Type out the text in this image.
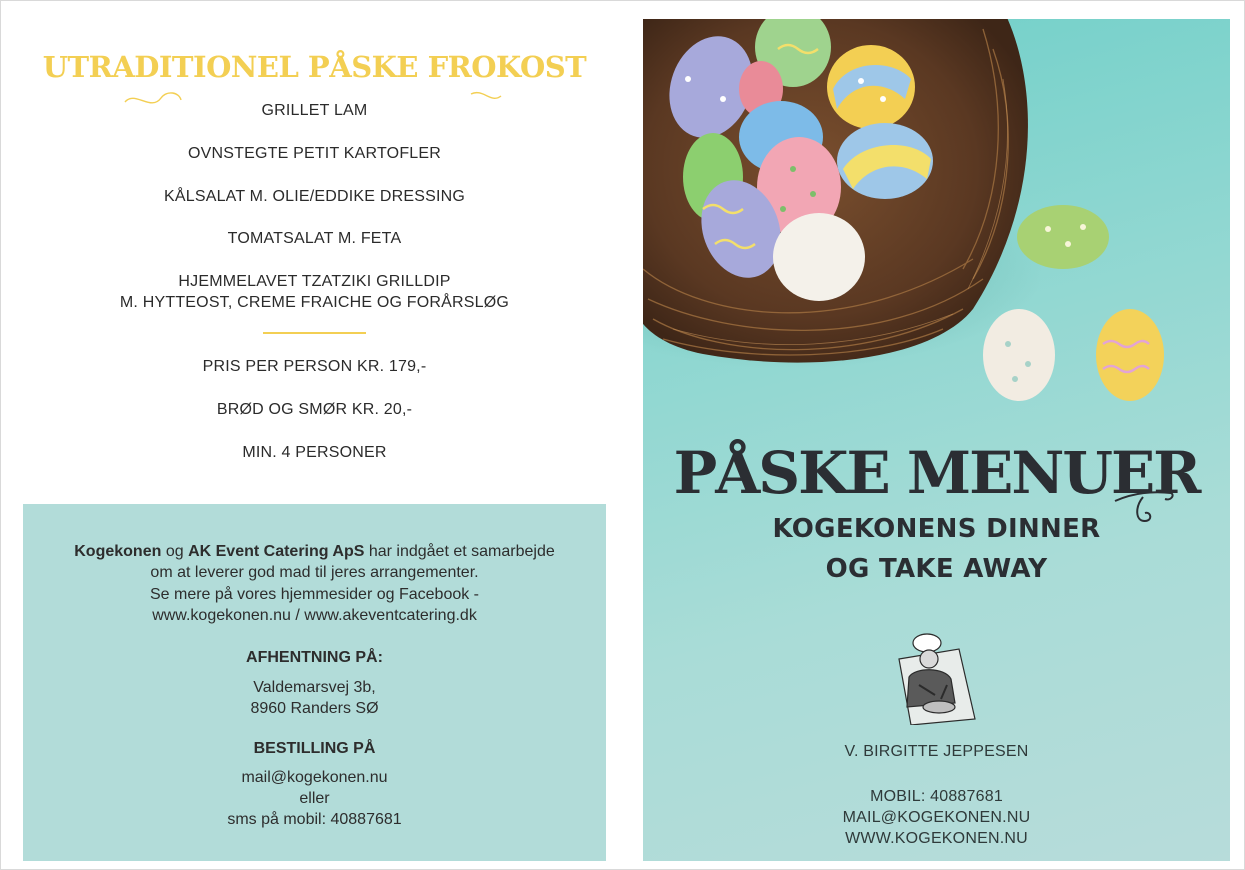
UTRADITIONEL PÅSKE FROKOST
GRILLET LAM
OVNSTEGTE PETIT KARTOFLER
KÅLSALAT M. OLIE/EDDIKE DRESSING
TOMATSALAT M. FETA
HJEMMELAVET TZATZIKI GRILLDIP
M. HYTTEOST, CREME FRAICHE OG FORÅRSLØG

PRIS PER PERSON KR. 179,-

BRØD OG SMØR KR. 20,-

MIN. 4 PERSONER

Kogekonen og AK Event Catering ApS har indgået et samarbejde
om at leverer god mad til jeres arrangementer.
Se mere på vores hjemmesider og Facebook -
www.kogekonen.nu / www.akeventcatering.dk

AFHENTNING PÅ:

Valdemarsvej 3b,
8960 Randers SØ

BESTILLING PÅ

mail@kogekonen.nu
eller
sms på mobil: 40887681

PÅSKE MENUER

KOGEKONENS DINNER
OG TAKE AWAY

V. BIRGITTE JEPPESEN

MOBIL: 40887681
MAIL@KOGEKONEN.NU
WWW.KOGEKONEN.NU
